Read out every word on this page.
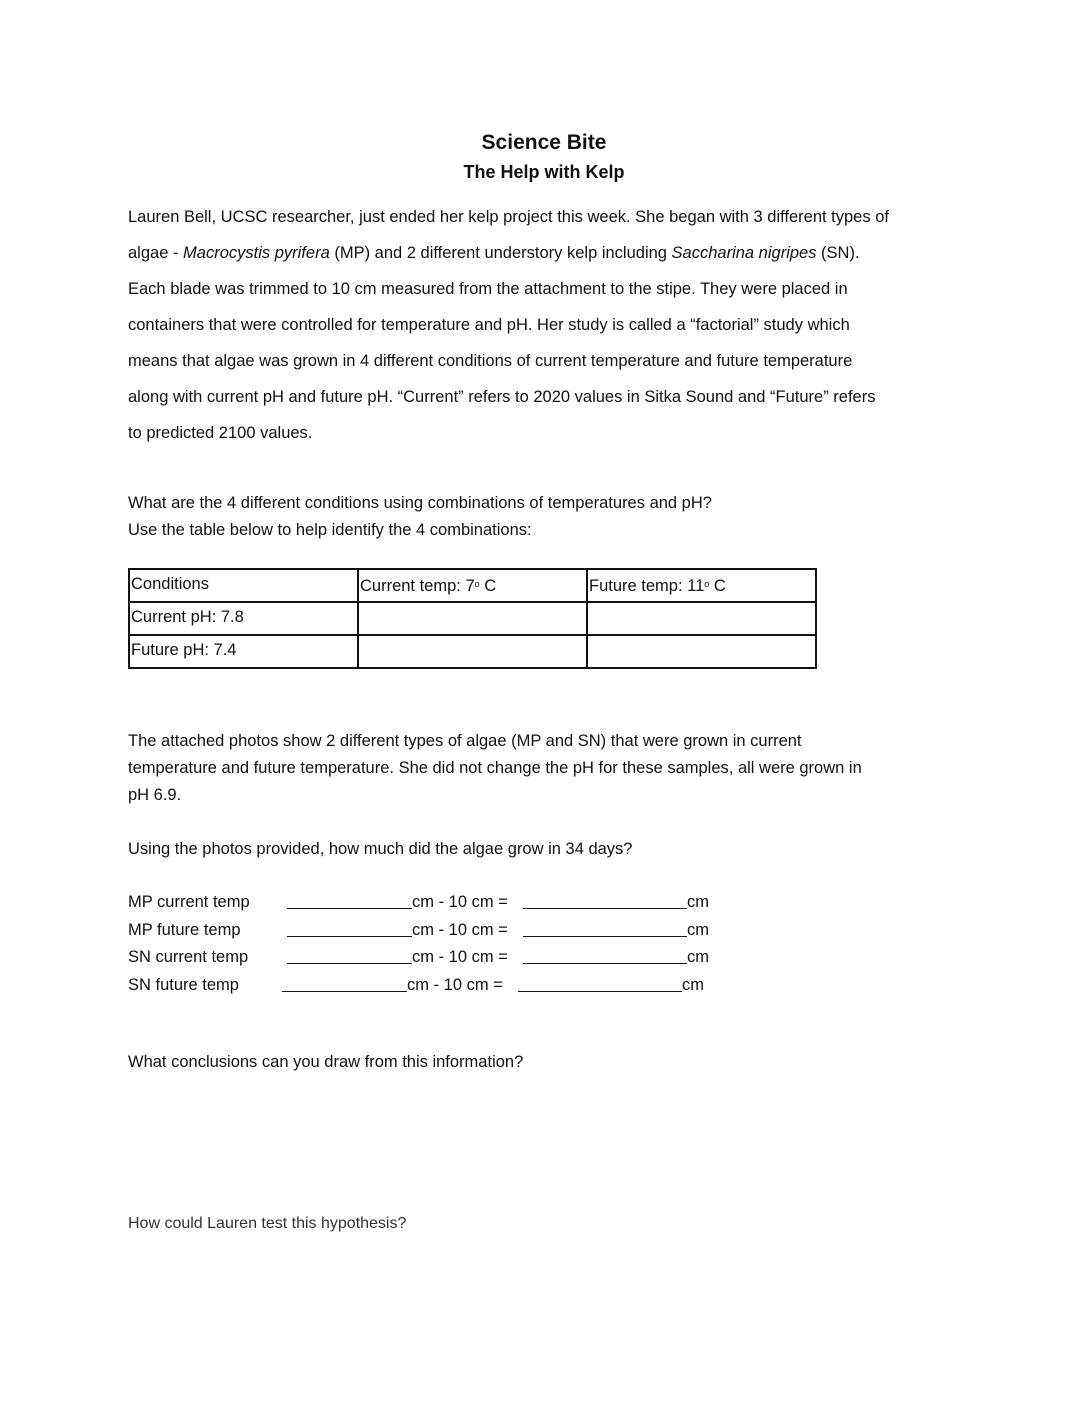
Science Bite
The Help with Kelp
Lauren Bell, UCSC researcher, just ended her kelp project this week. She began with 3 different types of
algae - Macrocystis pyrifera (MP) and 2 different understory kelp including Saccharina nigripes (SN).
Each blade was trimmed to 10 cm measured from the attachment to the stipe. They were placed in
containers that were controlled for temperature and pH. Her study is called a “factorial” study which
means that algae was grown in 4 different conditions of current temperature and future temperature
along with current pH and future pH. “Current” refers to 2020 values in Sitka Sound and “Future” refers
to predicted 2100 values.
What are the 4 different conditions using combinations of temperatures and pH?
Use the table below to help identify the 4 combinations:
Conditions	Current temp: 7$^o$ C	Future temp: 11$^o$ C
Current pH: 7.8		
Future pH: 7.4		
The attached photos show 2 different types of algae (MP and SN) that were grown in current
temperature and future temperature. She did not change the pH for these samples, all were grown in
pH 6.9.
Using the photos provided, how much did the algae grow in 34 days?
MP current temp	cm - 10 cm =	cm
MP future temp	cm - 10 cm =	cm
SN current temp	cm - 10 cm =	cm
SN future temp	cm - 10 cm =	cm
What conclusions can you draw from this information?
How could Lauren test this hypothesis?
